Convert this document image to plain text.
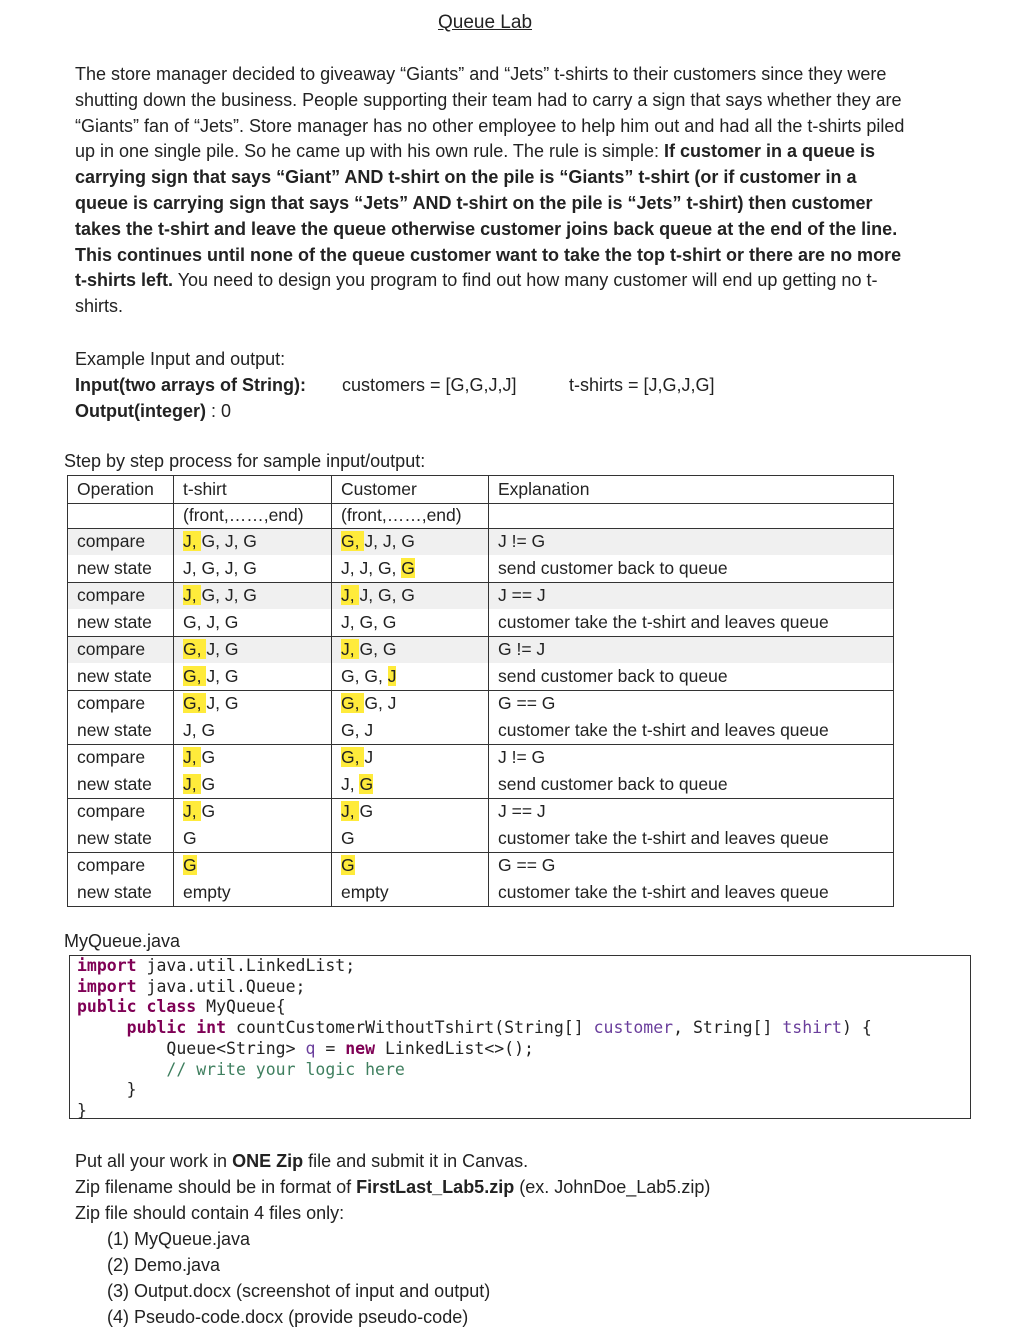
Queue Lab
The store manager decided to giveaway “Giants” and “Jets” t-shirts to their customers since they were shutting down the business. People supporting their team had to carry a sign that says whether they are “Giants” fan of “Jets”. Store manager has no other employee to help him out and had all the t-shirts piled up in one single pile. So he came up with his own rule. The rule is simple: If customer in a queue is carrying sign that says “Giant” AND t-shirt on the pile is “Giants” t-shirt (or if customer in a queue is carrying sign that says “Jets” AND t-shirt on the pile is “Jets” t-shirt) then customer takes the t-shirt and leave the queue otherwise customer joins back queue at the end of the line. This continues until none of the queue customer want to take the top t-shirt or there are no more t-shirts left. You need to design you program to find out how many customer will end up getting no t-shirts.
Example Input and output:
Input(two arrays of String):	customers = [G,G,J,J]	t-shirts = [J,G,J,G]
Output(integer) : 0
Step by step process for sample input/output:
Operation	t-shirt	Customer	Explanation
	(front,……,end)	(front,……,end)	
compare	J, G, J, G	G, J, J, G	J != G
new state	J, G, J, G	J, J, G, G	send customer back to queue
compare	J, G, J, G	J, J, G, G	J == J
new state	G, J, G	J, G, G	customer take the t-shirt and leaves queue
compare	G, J, G	J, G, G	G != J
new state	G, J, G	G, G, J	send customer back to queue
compare	G, J, G	G, G, J	G == G
new state	J, G	G, J	customer take the t-shirt and leaves queue
compare	J, G	G, J	J != G
new state	J, G	J, G	send customer back to queue
compare	J, G	J, G	J == J
new state	G	G	customer take the t-shirt and leaves queue
compare	G	G	G == G
new state	empty	empty	customer take the t-shirt and leaves queue
MyQueue.java
import java.util.LinkedList;
import java.util.Queue;
public class MyQueue{
public int countCustomerWithoutTshirt(String[] customer, String[] tshirt) {
Queue<String> q = new LinkedList<>();
// write your logic here
}
}
Put all your work in ONE Zip file and submit it in Canvas.
Zip filename should be in format of FirstLast_Lab5.zip (ex. JohnDoe_Lab5.zip)
Zip file should contain 4 files only:
(1) MyQueue.java
(2) Demo.java
(3) Output.docx (screenshot of input and output)
(4) Pseudo-code.docx (provide pseudo-code)
